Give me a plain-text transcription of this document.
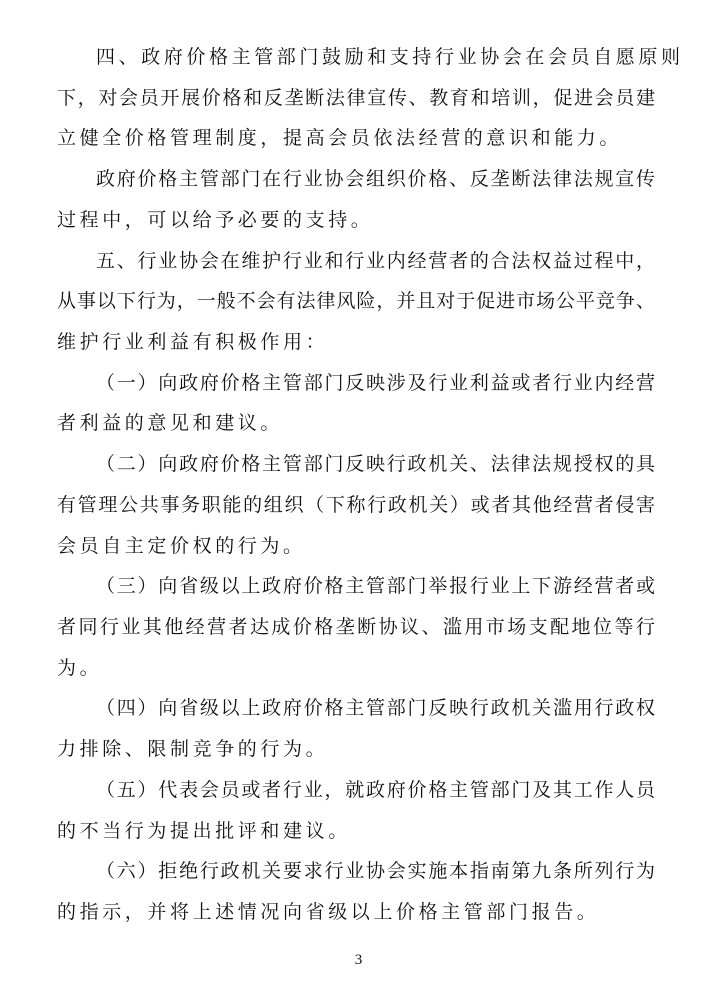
四、政府价格主管部门鼓励和支持行业协会在会员自愿原则
下，对会员开展价格和反垄断法律宣传、教育和培训，促进会员建
立健全价格管理制度，提高会员依法经营的意识和能力。
政府价格主管部门在行业协会组织价格、反垄断法律法规宣传
过程中，可以给予必要的支持。
五、行业协会在维护行业和行业内经营者的合法权益过程中，
从事以下行为，一般不会有法律风险，并且对于促进市场公平竞争、
维护行业利益有积极作用：
（一）向政府价格主管部门反映涉及行业利益或者行业内经营
者利益的意见和建议。
（二）向政府价格主管部门反映行政机关、法律法规授权的具
有管理公共事务职能的组织（下称行政机关）或者其他经营者侵害
会员自主定价权的行为。
（三）向省级以上政府价格主管部门举报行业上下游经营者或
者同行业其他经营者达成价格垄断协议、滥用市场支配地位等行
为。
（四）向省级以上政府价格主管部门反映行政机关滥用行政权
力排除、限制竞争的行为。
（五）代表会员或者行业，就政府价格主管部门及其工作人员
的不当行为提出批评和建议。
（六）拒绝行政机关要求行业协会实施本指南第九条所列行为
的指示，并将上述情况向省级以上价格主管部门报告。
3
